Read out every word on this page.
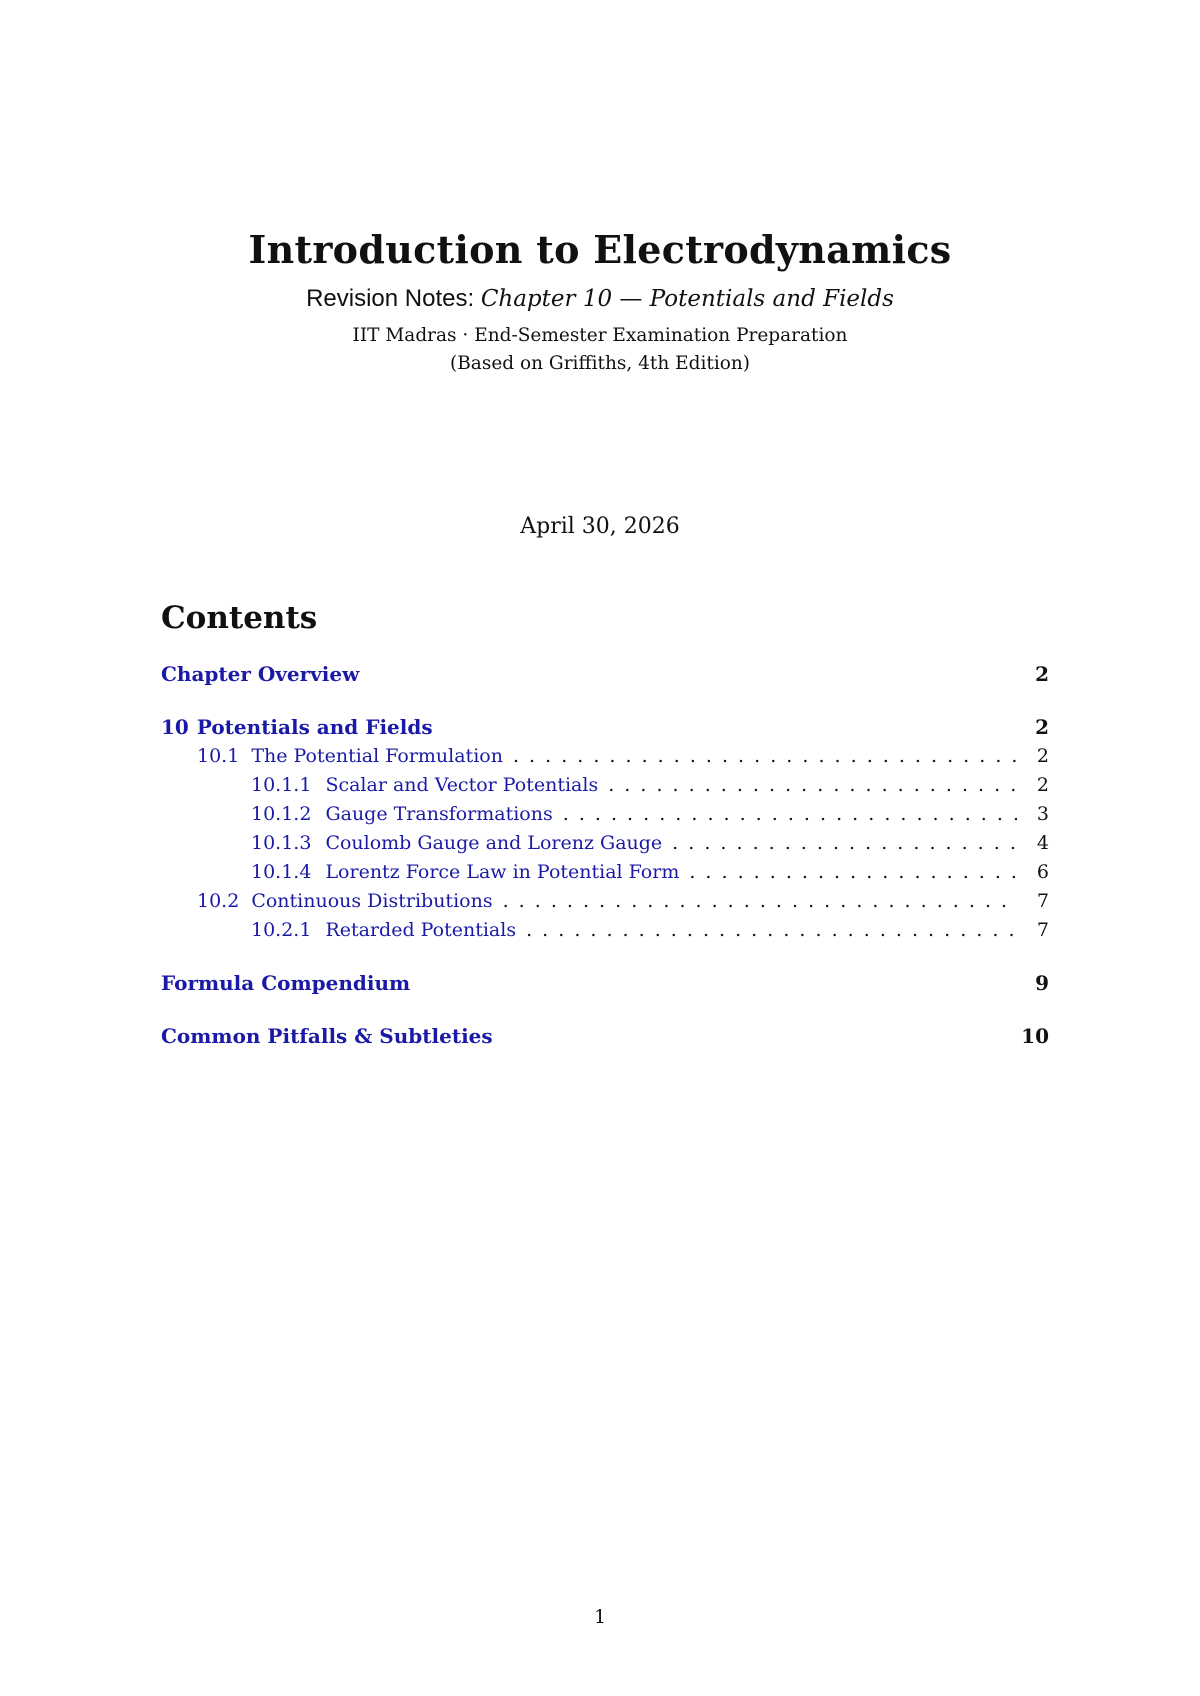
Introduction to Electrodynamics
Revision Notes: Chapter 10 — Potentials and Fields
IIT Madras · End-Semester Examination Preparation
(Based on Griffiths, 4th Edition)
April 30, 2026
Contents
Chapter Overview	2
10 Potentials and Fields	2
10.1 The Potential Formulation . . .	2
10.1.1 Scalar and Vector Potentials . . .	2
10.1.2 Gauge Transformations . . .	3
10.1.3 Coulomb Gauge and Lorenz Gauge . . .	4
10.1.4 Lorentz Force Law in Potential Form . . .	6
10.2 Continuous Distributions . . .	7
10.2.1 Retarded Potentials . . .	7
Formula Compendium	9
Common Pitfalls & Subtleties	10
1
